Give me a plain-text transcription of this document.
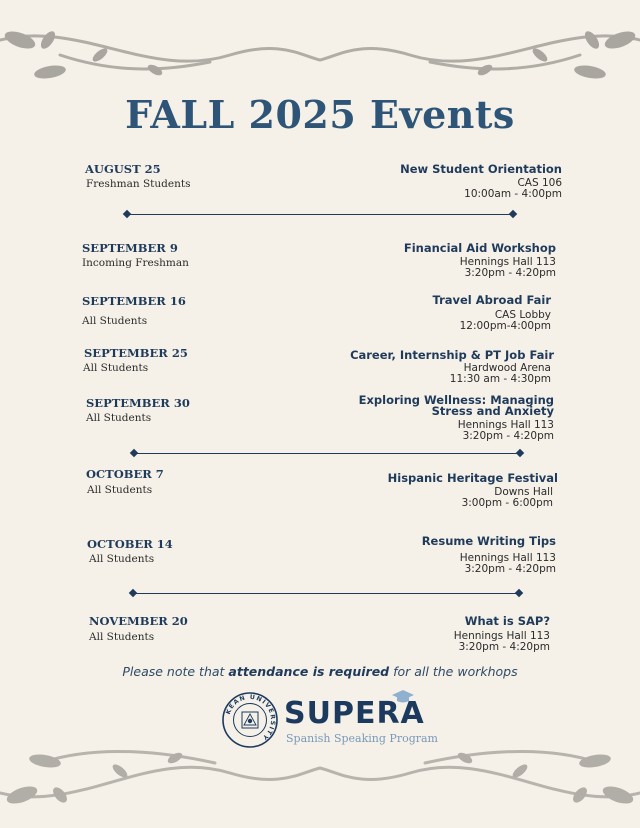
FALL 2025 Events
AUGUST 25
Freshman Students
New Student Orientation
CAS 106
10:00am - 4:00pm
SEPTEMBER 9
Incoming Freshman
Financial Aid Workshop
Hennings Hall 113
3:20pm - 4:20pm
SEPTEMBER 16
All Students
Travel Abroad Fair
CAS Lobby
12:00pm-4:00pm
SEPTEMBER 25
All Students
Career, Internship & PT Job Fair
Hardwood Arena
11:30 am - 4:30pm
SEPTEMBER 30
All Students
Exploring Wellness: Managing
Stress and Anxiety
Hennings Hall 113
3:20pm - 4:20pm
OCTOBER 7
All Students
Hispanic Heritage Festival
Downs Hall
3:00pm - 6:00pm
OCTOBER 14
All Students
Resume Writing Tips
Hennings Hall 113
3:20pm - 4:20pm
NOVEMBER 20
All Students
What is SAP?
Hennings Hall 113
3:20pm - 4:20pm
Please note that attendance is required for all the workhops
KEAN UNIVERSITY
SUPERA
Spanish Speaking Program
